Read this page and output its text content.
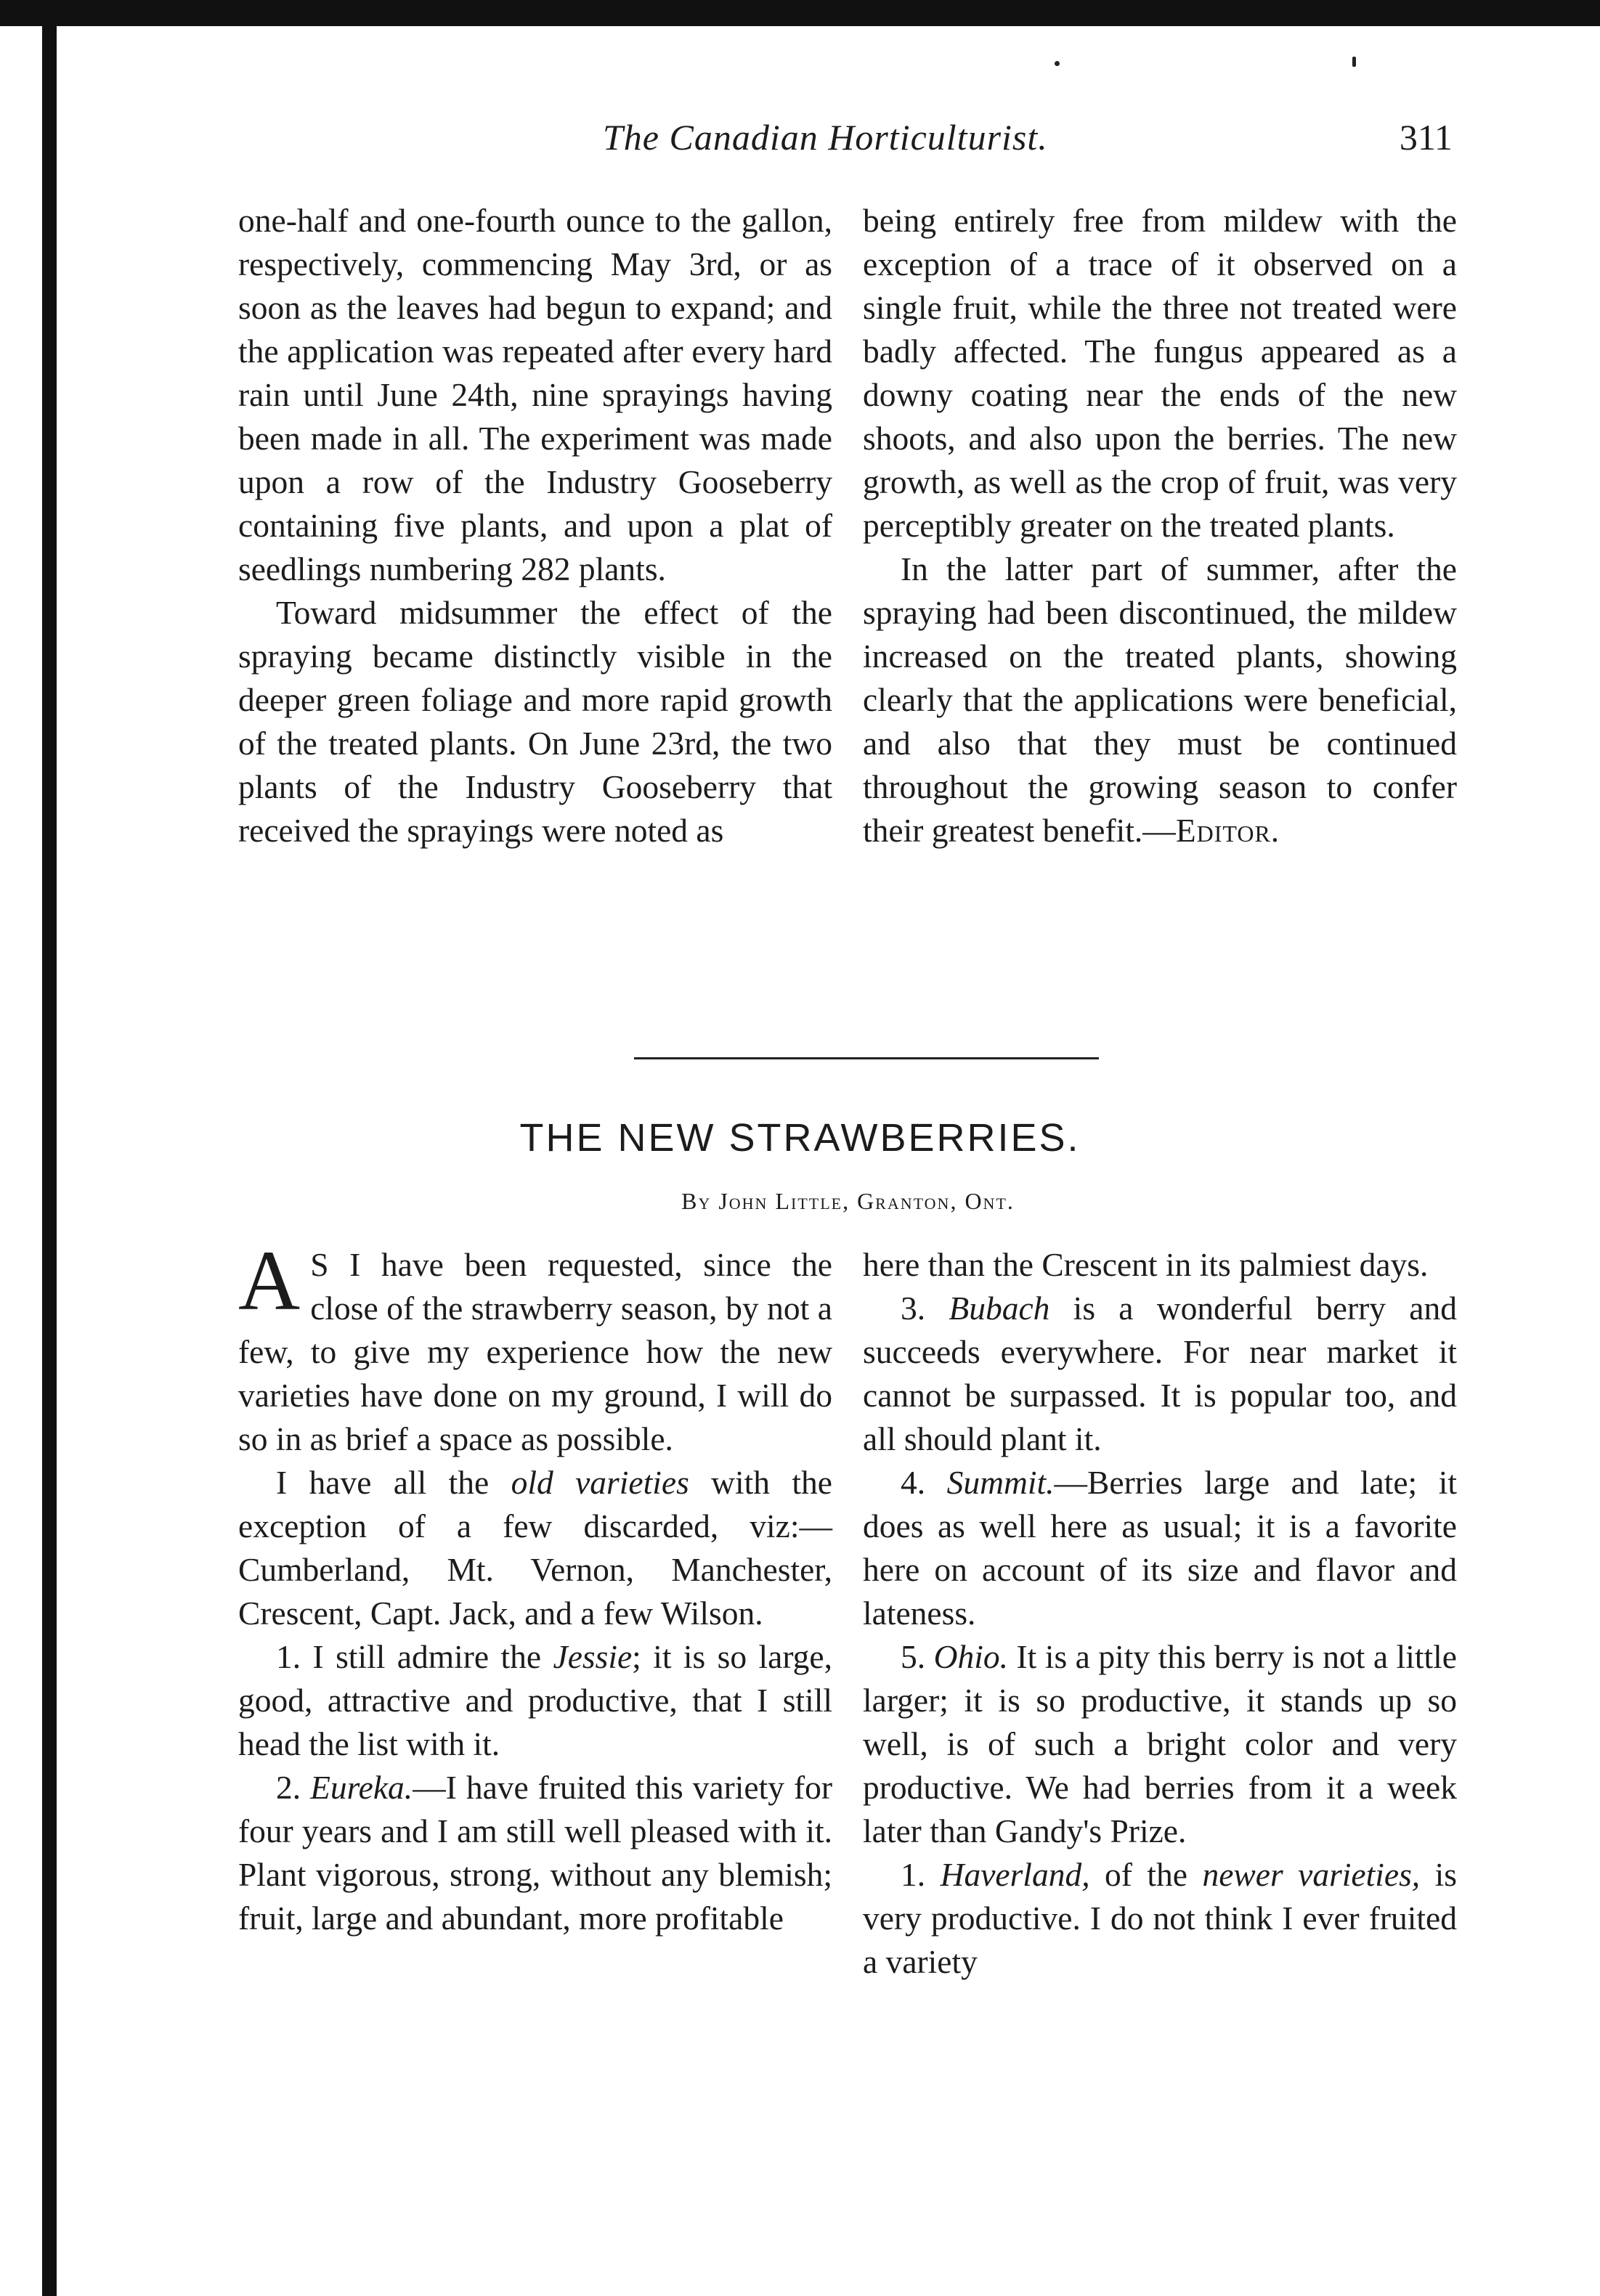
The Canadian Horticulturist.	311

one-half and one-fourth ounce to the gallon, respectively, commencing May 3rd, or as soon as the leaves had begun to expand; and the application was repeated after every hard rain until June 24th, nine sprayings having been made in all. The experiment was made upon a row of the Industry Gooseberry containing five plants, and upon a plat of seedlings numbering 282 plants.

Toward midsummer the effect of the spraying became distinctly visible in the deeper green foliage and more rapid growth of the treated plants. On June 23rd, the two plants of the Industry Gooseberry that received the sprayings were noted as

being entirely free from mildew with the exception of a trace of it observed on a single fruit, while the three not treated were badly affected. The fungus appeared as a downy coating near the ends of the new shoots, and also upon the berries. The new growth, as well as the crop of fruit, was very perceptibly greater on the treated plants.

In the latter part of summer, after the spraying had been discontinued, the mildew increased on the treated plants, showing clearly that the applications were beneficial, and also that they must be continued throughout the growing season to confer their greatest benefit.—Editor.

THE NEW STRAWBERRIES.
By John Little, Granton, Ont.

A S I have been requested, since the close of the strawberry season, by not a few, to give my experience how the new varieties have done on my ground, I will do so in as brief a space as possible.

I have all the old varieties with the exception of a few discarded, viz:—Cumberland, Mt. Vernon, Manchester, Crescent, Capt. Jack, and a few Wilson.

1. I still admire the Jessie; it is so large, good, attractive and productive, that I still head the list with it.

2. Eureka.—I have fruited this variety for four years and I am still well pleased with it. Plant vigorous, strong, without any blemish; fruit, large and abundant, more profitable

here than the Crescent in its palmiest days.

3. Bubach is a wonderful berry and succeeds everywhere. For near market it cannot be surpassed. It is popular too, and all should plant it.

4. Summit.—Berries large and late; it does as well here as usual; it is a favorite here on account of its size and flavor and lateness.

5. Ohio. It is a pity this berry is not a little larger; it is so productive, it stands up so well, is of such a bright color and very productive. We had berries from it a week later than Gandy's Prize.

1. Haverland, of the newer varieties, is very productive. I do not think I ever fruited a variety
